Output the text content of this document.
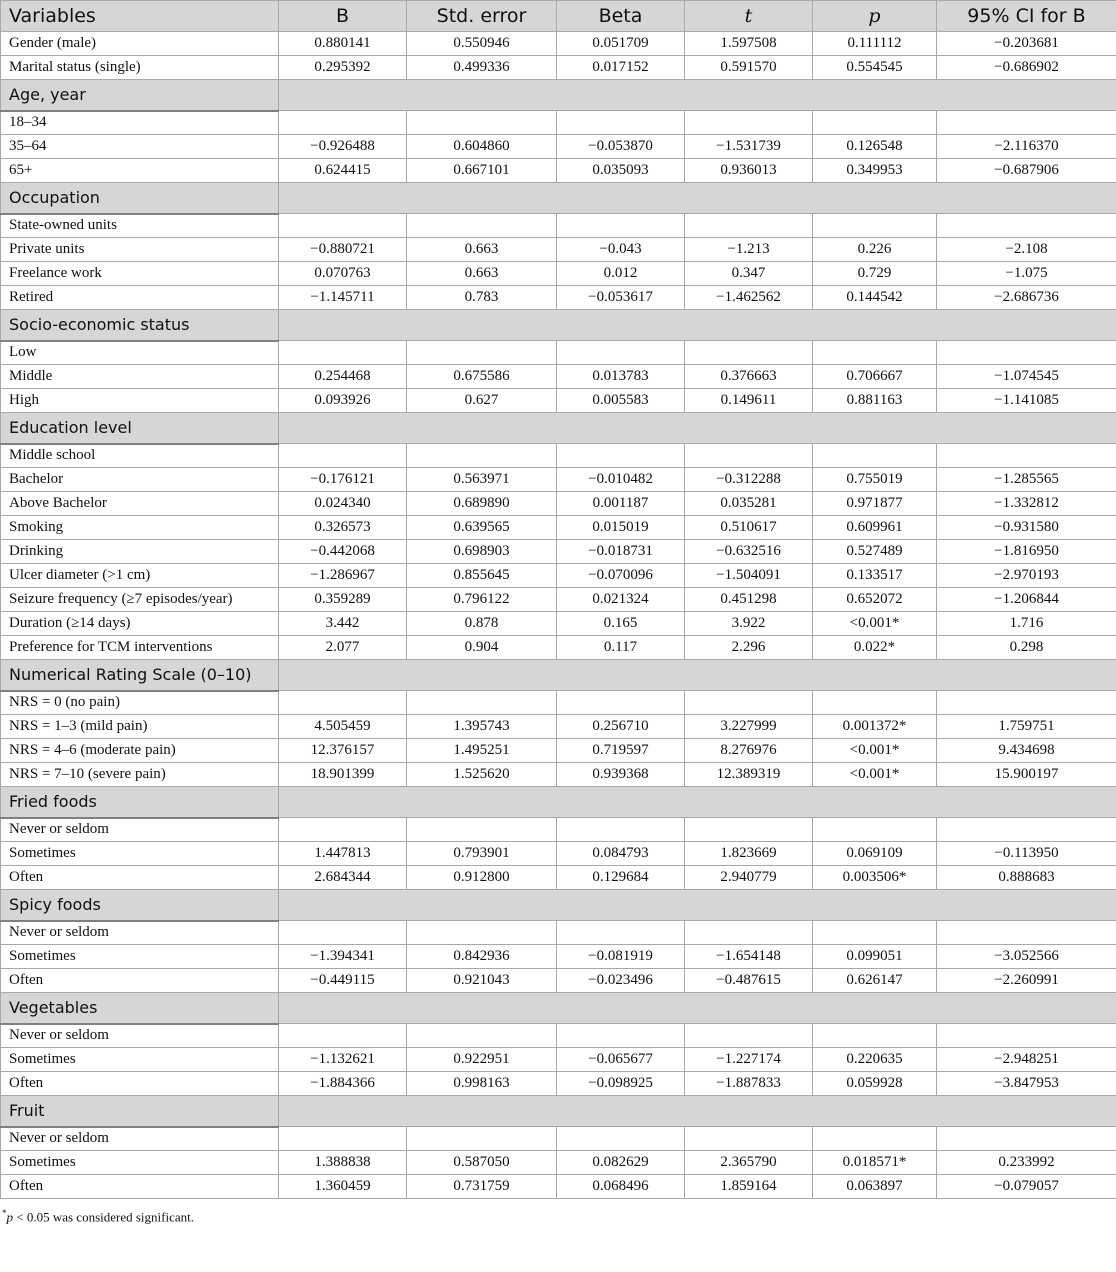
Variables	B	Std. error	Beta	t	p	95% CI for B
Gender (male)	0.880141	0.550946	0.051709	1.597508	0.111112	−0.203681
Marital status (single)	0.295392	0.499336	0.017152	0.591570	0.554545	−0.686902
Age, year						
18–34						
35–64	−0.926488	0.604860	−0.053870	−1.531739	0.126548	−2.116370
65+	0.624415	0.667101	0.035093	0.936013	0.349953	−0.687906
Occupation						
State-owned units						
Private units	−0.880721	0.663	−0.043	−1.213	0.226	−2.108
Freelance work	0.070763	0.663	0.012	0.347	0.729	−1.075
Retired	−1.145711	0.783	−0.053617	−1.462562	0.144542	−2.686736
Socio-economic status						
Low						
Middle	0.254468	0.675586	0.013783	0.376663	0.706667	−1.074545
High	0.093926	0.627	0.005583	0.149611	0.881163	−1.141085
Education level						
Middle school						
Bachelor	−0.176121	0.563971	−0.010482	−0.312288	0.755019	−1.285565
Above Bachelor	0.024340	0.689890	0.001187	0.035281	0.971877	−1.332812
Smoking	0.326573	0.639565	0.015019	0.510617	0.609961	−0.931580
Drinking	−0.442068	0.698903	−0.018731	−0.632516	0.527489	−1.816950
Ulcer diameter (>1 cm)	−1.286967	0.855645	−0.070096	−1.504091	0.133517	−2.970193
Seizure frequency (≥7 episodes/year)	0.359289	0.796122	0.021324	0.451298	0.652072	−1.206844
Duration (≥14 days)	3.442	0.878	0.165	3.922	<0.001*	1.716
Preference for TCM interventions	2.077	0.904	0.117	2.296	0.022*	0.298
Numerical Rating Scale (0–10)						
NRS = 0 (no pain)						
NRS = 1–3 (mild pain)	4.505459	1.395743	0.256710	3.227999	0.001372*	1.759751
NRS = 4–6 (moderate pain)	12.376157	1.495251	0.719597	8.276976	<0.001*	9.434698
NRS = 7–10 (severe pain)	18.901399	1.525620	0.939368	12.389319	<0.001*	15.900197
Fried foods						
Never or seldom						
Sometimes	1.447813	0.793901	0.084793	1.823669	0.069109	−0.113950
Often	2.684344	0.912800	0.129684	2.940779	0.003506*	0.888683
Spicy foods						
Never or seldom						
Sometimes	−1.394341	0.842936	−0.081919	−1.654148	0.099051	−3.052566
Often	−0.449115	0.921043	−0.023496	−0.487615	0.626147	−2.260991
Vegetables						
Never or seldom						
Sometimes	−1.132621	0.922951	−0.065677	−1.227174	0.220635	−2.948251
Often	−1.884366	0.998163	−0.098925	−1.887833	0.059928	−3.847953
Fruit						
Never or seldom						
Sometimes	1.388838	0.587050	0.082629	2.365790	0.018571*	0.233992
Often	1.360459	0.731759	0.068496	1.859164	0.063897	−0.079057
*p < 0.05 was considered significant.
